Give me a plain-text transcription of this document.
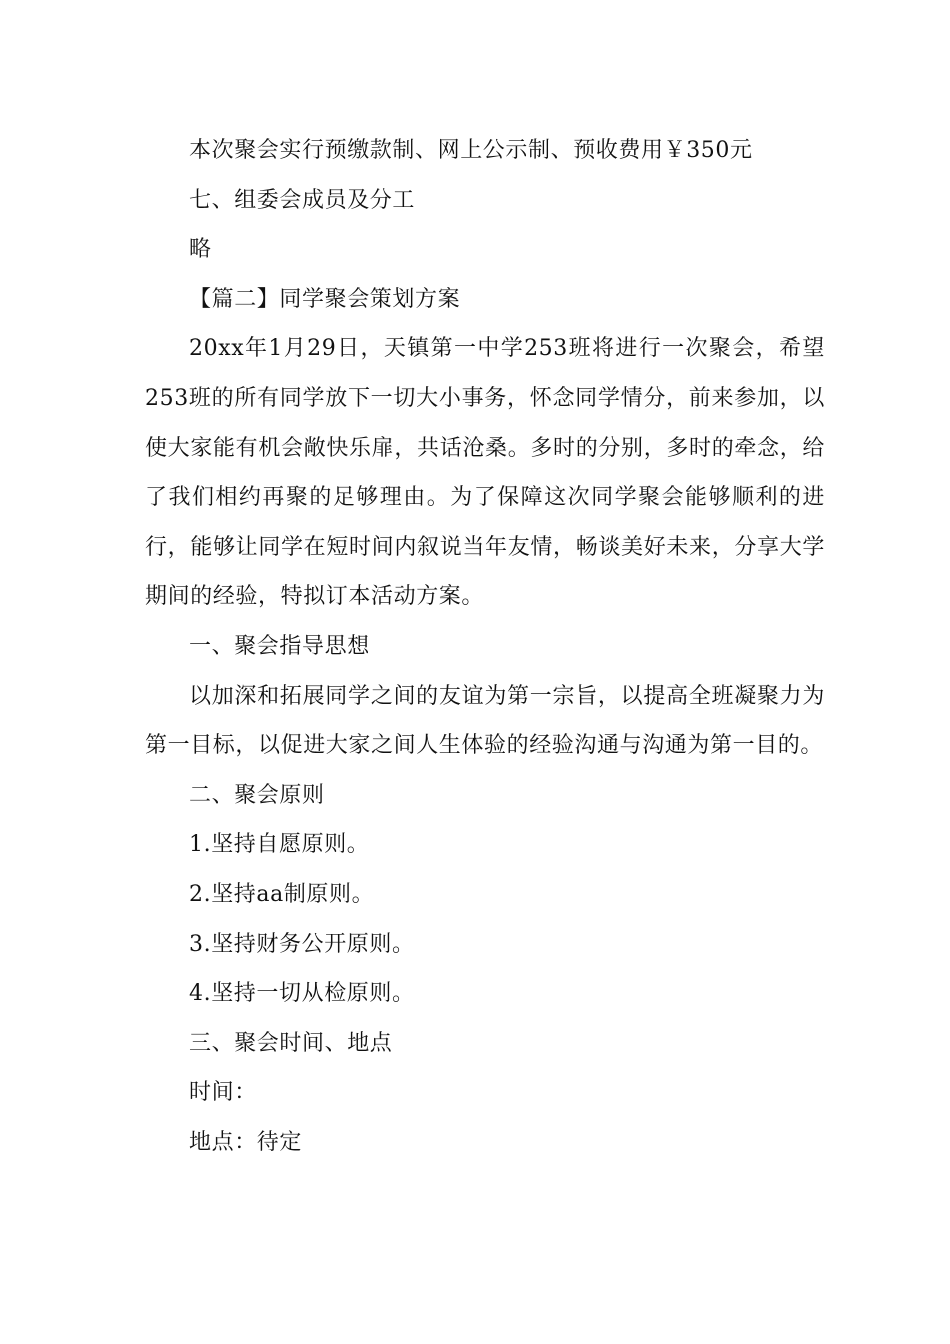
本次聚会实行预缴款制、网上公示制、预收费用￥350元

七、组委会成员及分工

略

【篇二】同学聚会策划方案

20xx年1月29日，天镇第一中学253班将进行一次聚会，希望253班的所有同学放下一切大小事务，怀念同学情分，前来参加，以使大家能有机会敞快乐扉，共话沧桑。多时的分别，多时的牵念，给了我们相约再聚的足够理由。为了保障这次同学聚会能够顺利的进行，能够让同学在短时间内叙说当年友情，畅谈美好未来，分享大学期间的经验，特拟订本活动方案。

一、聚会指导思想

以加深和拓展同学之间的友谊为第一宗旨，以提高全班凝聚力为第一目标，以促进大家之间人生体验的经验沟通与沟通为第一目的。

二、聚会原则

1.坚持自愿原则。

2.坚持aa制原则。

3.坚持财务公开原则。

4.坚持一切从检原则。

三、聚会时间、地点

时间：

地点：待定
